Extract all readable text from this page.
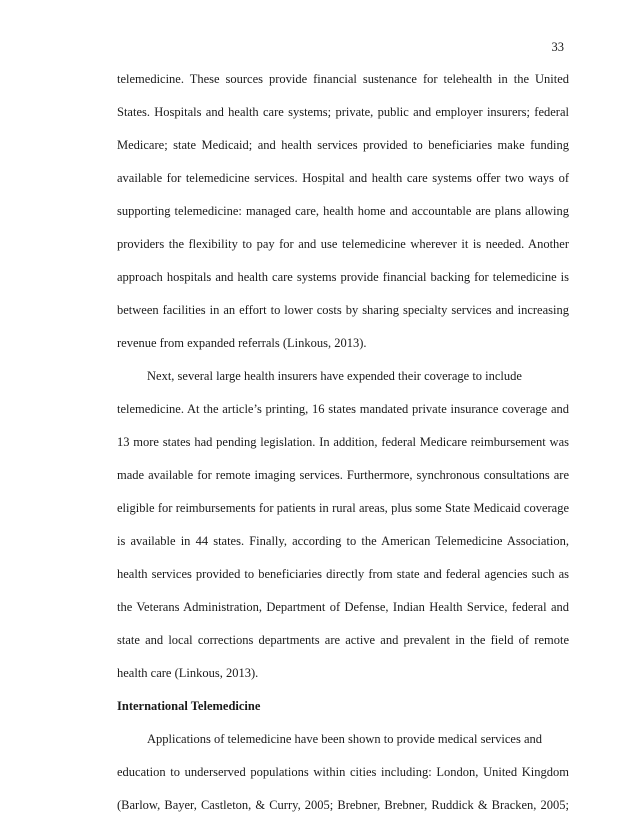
33
telemedicine. These sources provide financial sustenance for telehealth in the United
States. Hospitals and health care systems; private, public and employer insurers; federal
Medicare; state Medicaid; and health services provided to beneficiaries make funding
available for telemedicine services. Hospital and health care systems offer two ways of
supporting telemedicine: managed care, health home and accountable are plans allowing
providers the flexibility to pay for and use telemedicine wherever it is needed. Another
approach hospitals and health care systems provide financial backing for telemedicine is
between facilities in an effort to lower costs by sharing specialty services and increasing
revenue from expanded referrals (Linkous, 2013).
Next, several large health insurers have expended their coverage to include
telemedicine. At the article’s printing, 16 states mandated private insurance coverage and
13 more states had pending legislation. In addition, federal Medicare reimbursement was
made available for remote imaging services. Furthermore, synchronous consultations are
eligible for reimbursements for patients in rural areas, plus some State Medicaid coverage
is available in 44 states. Finally, according to the American Telemedicine Association,
health services provided to beneficiaries directly from state and federal agencies such as
the Veterans Administration, Department of Defense, Indian Health Service, federal and
state and local corrections departments are active and prevalent in the field of remote
health care (Linkous, 2013).
International Telemedicine
Applications of telemedicine have been shown to provide medical services and
education to underserved populations within cities including: London, United Kingdom
(Barlow, Bayer, Castleton, & Curry, 2005; Brebner, Brebner, Ruddick & Bracken, 2005;
